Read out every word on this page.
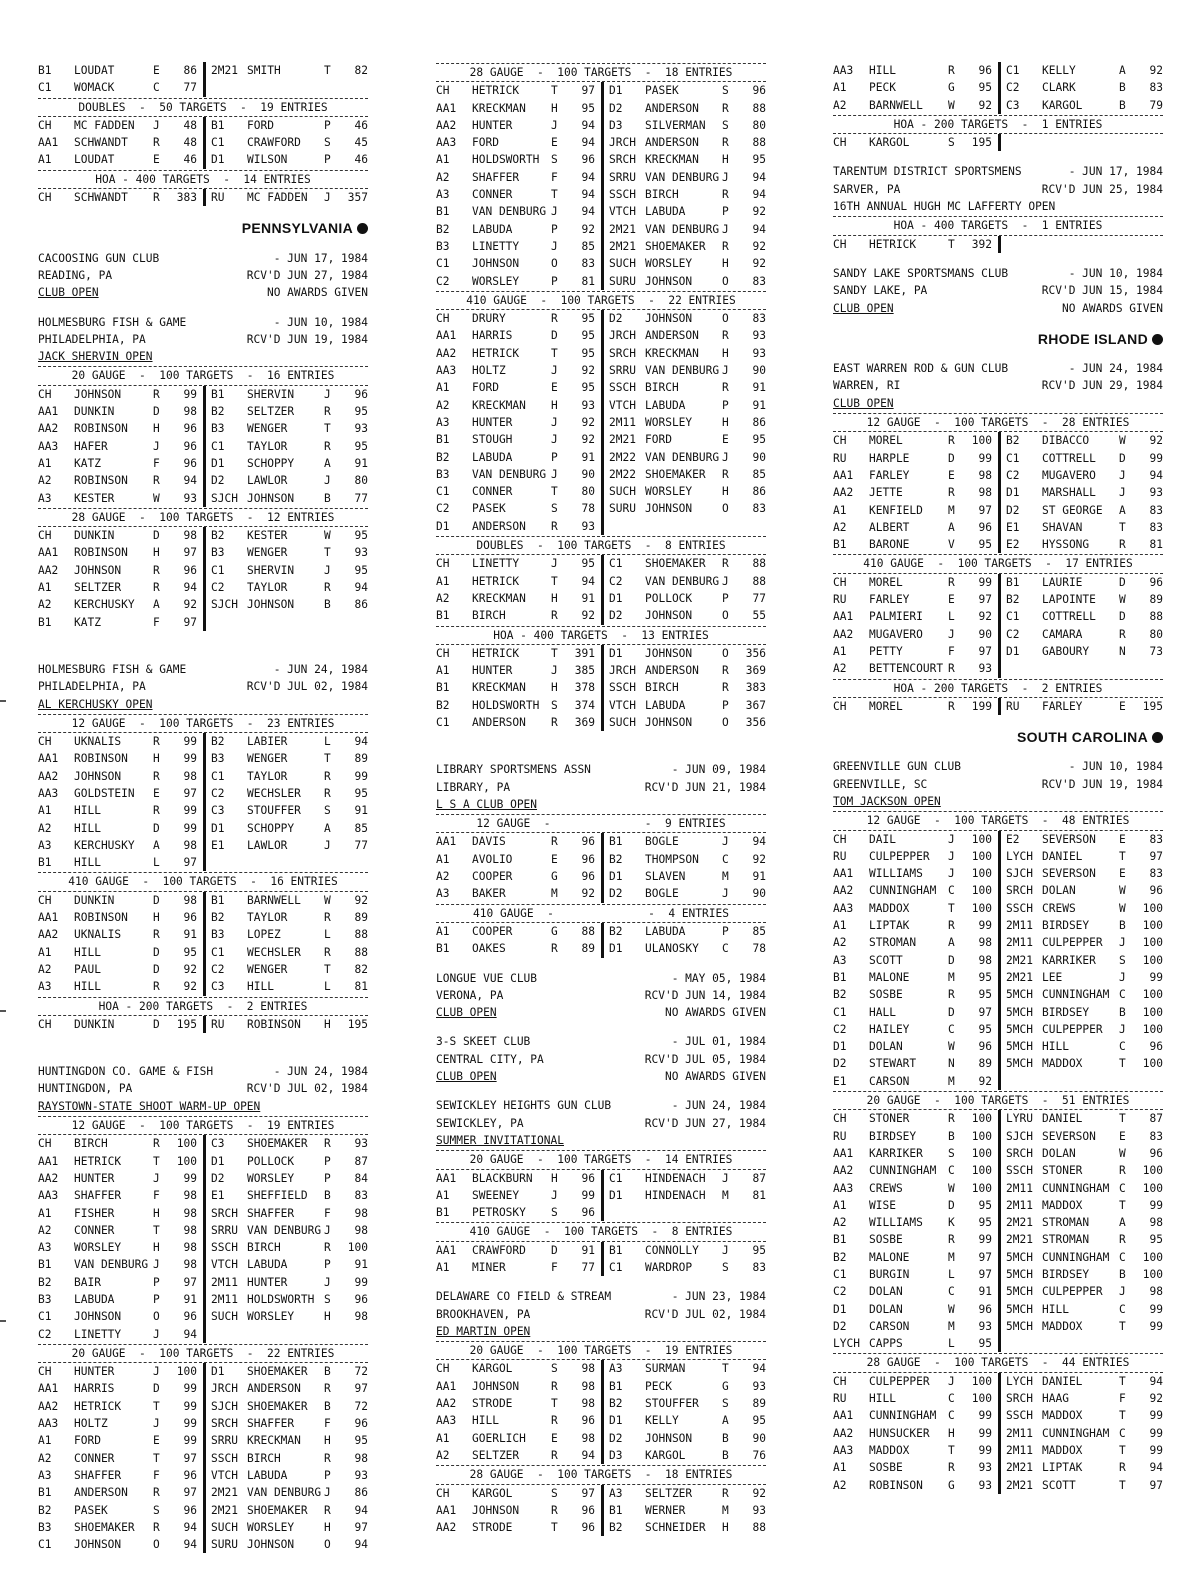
B1	LOUDAT	E	86 2M21 SMITH	T	82
C1	WOMACK	C	77
DOUBLES  -  50 TARGETS  -  19 ENTRIES
CH	MC FADDEN	J	48 B1	FORD	P	46
AA1	SCHWANDT	R	48 C1	CRAWFORD	S	45
A1	LOUDAT	E	46 D1	WILSON	P	46
HOA - 400 TARGETS  -  14 ENTRIES
CH	SCHWANDT	R	383 RU	MC FADDEN	J	357
PENNSYLVANIA
CACOOSING GUN CLUB	- JUN 17, 1984
READING, PA	RCV'D JUN 27, 1984
CLUB OPEN	NO AWARDS GIVEN
HOLMESBURG FISH & GAME	- JUN 10, 1984
PHILADELPHIA, PA	RCV'D JUN 19, 1984
JACK SHERVIN OPEN
20 GAUGE  -  100 TARGETS  -  16 ENTRIES
CH	JOHNSON	R	99 B1	SHERVIN	J	96
AA1	DUNKIN	D	98 B2	SELTZER	R	95
AA2	ROBINSON	H	96 B3	WENGER	T	93
AA3	HAFER	J	96 C1	TAYLOR	R	95
A1	KATZ	F	96 D1	SCHOPPY	A	91
A2	ROBINSON	R	94 D2	LAWLOR	J	80
A3	KESTER	W	93 SJCH JOHNSON	B	77
28 GAUGE  -  100 TARGETS  -  12 ENTRIES
CH	DUNKIN	D	98 B2	KESTER	W	95
AA1	ROBINSON	H	97 B3	WENGER	T	93
AA2	JOHNSON	R	96 C1	SHERVIN	J	95
A1	SELTZER	R	94 C2	TAYLOR	R	94
A2	KERCHUSKY	A	92 SJCH JOHNSON	B	86
B1	KATZ	F	97
HOLMESBURG FISH & GAME	- JUN 24, 1984
PHILADELPHIA, PA	RCV'D JUL 02, 1984
AL KERCHUSKY OPEN
12 GAUGE  -  100 TARGETS  -  23 ENTRIES
CH	UKNALIS	R	99 B2	LABIER	L	94
AA1	ROBINSON	H	99 B3	WENGER	T	89
AA2	JOHNSON	R	98 C1	TAYLOR	R	99
AA3	GOLDSTEIN	E	97 C2	WECHSLER	R	95
A1	HILL	R	99 C3	STOUFFER	S	91
A2	HILL	D	99 D1	SCHOPPY	A	85
A3	KERCHUSKY	A	98 E1	LAWLOR	J	77
B1	HILL	L	97
410 GAUGE  -  100 TARGETS  -  16 ENTRIES
CH	DUNKIN	D	98 B1	BARNWELL	W	92
AA1	ROBINSON	H	96 B2	TAYLOR	R	89
AA2	UKNALIS	R	91 B3	LOPEZ	L	88
A1	HILL	D	95 C1	WECHSLER	R	88
A2	PAUL	D	92 C2	WENGER	T	82
A3	HILL	R	92 C3	HILL	L	81
HOA - 200 TARGETS  -  2 ENTRIES
CH	DUNKIN	D	195 RU	ROBINSON	H	195
HUNTINGDON CO. GAME & FISH	- JUN 24, 1984
HUNTINGDON, PA	RCV'D JUL 02, 1984
RAYSTOWN-STATE SHOOT WARM-UP OPEN
12 GAUGE  -  100 TARGETS  -  19 ENTRIES
CH	BIRCH	R	100 C3	SHOEMAKER	R	93
AA1	HETRICK	T	100 D1	POLLOCK	P	87
AA2	HUNTER	J	99 D2	WORSLEY	P	84
AA3	SHAFFER	F	98 E1	SHEFFIELD	B	83
A1	FISHER	H	98 SRCH SHAFFER	F	98
A2	CONNER	T	98 SRRU VAN DENBURG J	98
A3	WORSLEY	H	98 SSCH BIRCH	R	100
B1	VAN DENBURG J	98 VTCH LABUDA	P	91
B2	BAIR	P	97 2M11 HUNTER	J	99
B3	LABUDA	P	91 2M11 HOLDSWORTH S	96
C1	JOHNSON	O	96 SUCH WORSLEY	H	98
C2	LINETTY	J	94
20 GAUGE  -  100 TARGETS  -  22 ENTRIES
CH	HUNTER	J	100 D1	SHOEMAKER	B	72
AA1	HARRIS	D	99 JRCH ANDERSON	R	97
AA2	HETRICK	T	99 SJCH SHOEMAKER	B	72
AA3	HOLTZ	J	99 SRCH SHAFFER	F	96
A1	FORD	E	99 SRRU KRECKMAN	H	95
A2	CONNER	T	97 SSCH BIRCH	R	98
A3	SHAFFER	F	96 VTCH LABUDA	P	93
B1	ANDERSON	R	97 2M21 VAN DENBURG J	86
B2	PASEK	S	96 2M21 SHOEMAKER	R	94
B3	SHOEMAKER	R	94 SUCH WORSLEY	H	97
C1	JOHNSON	O	94 SURU JOHNSON	O	94
28 GAUGE  -  100 TARGETS  -  18 ENTRIES
CH	HETRICK	T	97 D1	PASEK	S	96
AA1	KRECKMAN	H	95 D2	ANDERSON	R	88
AA2	HUNTER	J	94 D3	SILVERMAN	S	80
AA3	FORD	E	94 JRCH ANDERSON	R	88
A1	HOLDSWORTH	S	96 SRCH KRECKMAN	H	95
A2	SHAFFER	F	94 SRRU VAN DENBURG J	94
A3	CONNER	T	94 SSCH BIRCH	R	94
B1	VAN DENBURG J	94 VTCH LABUDA	P	92
B2	LABUDA	P	92 2M21 VAN DENBURG J	94
B3	LINETTY	J	85 2M21 SHOEMAKER	R	92
C1	JOHNSON	O	83 SUCH WORSLEY	H	92
C2	WORSLEY	P	81 SURU JOHNSON	O	83
410 GAUGE  -  100 TARGETS  -  22 ENTRIES
CH	DRURY	R	95 D2	JOHNSON	O	83
AA1	HARRIS	D	95 JRCH ANDERSON	R	93
AA2	HETRICK	T	95 SRCH KRECKMAN	H	93
AA3	HOLTZ	J	92 SRRU VAN DENBURG J	90
A1	FORD	E	95 SSCH BIRCH	R	91
A2	KRECKMAN	H	93 VTCH LABUDA	P	91
A3	HUNTER	J	92 2M11 WORSLEY	H	86
B1	STOUGH	J	92 2M21 FORD	E	95
B2	LABUDA	P	91 2M22 VAN DENBURG J	90
B3	VAN DENBURG J	90 2M22 SHOEMAKER	R	85
C1	CONNER	T	80 SUCH WORSLEY	H	86
C2	PASEK	S	78 SURU JOHNSON	O	83
D1	ANDERSON	R	93
DOUBLES  -  100 TARGETS  -  8 ENTRIES
CH	LINETTY	J	95 C1	SHOEMAKER	R	88
A1	HETRICK	T	94 C2	VAN DENBURG J	88
A2	KRECKMAN	H	91 D1	POLLOCK	P	77
B1	BIRCH	R	92 D2	JOHNSON	O	55
HOA - 400 TARGETS  -  13 ENTRIES
CH	HETRICK	T	391 D1	JOHNSON	O	356
A1	HUNTER	J	385 JRCH ANDERSON	R	369
B1	KRECKMAN	H	378 SSCH BIRCH	R	383
B2	HOLDSWORTH	S	374 VTCH LABUDA	P	367
C1	ANDERSON	R	369 SUCH JOHNSON	O	356
LIBRARY SPORTSMENS ASSN	- JUN 09, 1984
LIBRARY, PA	RCV'D JUN 21, 1984
L S A CLUB OPEN
12 GAUGE  -              -  9 ENTRIES
AA1	DAVIS	R	96 B1	BOGLE	J	94
A1	AVOLIO	E	96 B2	THOMPSON	C	92
A2	COOPER	G	96 D1	SLAVEN	M	91
A3	BAKER	M	92 D2	BOGLE	J	90
410 GAUGE  -              -  4 ENTRIES
A1	COOPER	G	88 B2	LABUDA	P	85
B1	OAKES	R	89 D1	ULANOSKY	C	78
LONGUE VUE CLUB	- MAY 05, 1984
VERONA, PA	RCV'D JUN 14, 1984
CLUB OPEN	NO AWARDS GIVEN
3-S SKEET CLUB	- JUL 01, 1984
CENTRAL CITY, PA	RCV'D JUL 05, 1984
CLUB OPEN	NO AWARDS GIVEN
SEWICKLEY HEIGHTS GUN CLUB	- JUN 24, 1984
SEWICKLEY, PA	RCV'D JUN 27, 1984
SUMMER INVITATIONAL
20 GAUGE  -  100 TARGETS  -  14 ENTRIES
AA1	BLACKBURN	H	96 C1	HINDENACH	J	87
A1	SWEENEY	J	99 D1	HINDENACH	M	81
B1	PETROSKY	S	96
410 GAUGE  -  100 TARGETS  -  8 ENTRIES
AA1	CRAWFORD	D	91 B1	CONNOLLY	J	95
A1	MINER	F	77 C1	WARDROP	S	83
DELAWARE CO FIELD & STREAM	- JUN 23, 1984
BROOKHAVEN, PA	RCV'D JUL 02, 1984
ED MARTIN OPEN
20 GAUGE  -  100 TARGETS  -  19 ENTRIES
CH	KARGOL	S	98 A3	SURMAN	T	94
AA1	JOHNSON	R	98 B1	PECK	G	93
AA2	STRODE	T	98 B2	STOUFFER	S	89
AA3	HILL	R	96 D1	KELLY	A	95
A1	GOERLICH	E	98 D2	JOHNSON	B	90
A2	SELTZER	R	94 D3	KARGOL	B	76
28 GAUGE  -  100 TARGETS  -  18 ENTRIES
CH	KARGOL	S	97 A3	SELTZER	R	92
AA1	JOHNSON	R	96 B1	WERNER	M	93
AA2	STRODE	T	96 B2	SCHNEIDER	H	88
AA3	HILL	R	96 C1	KELLY	A	92
A1	PECK	G	95 C2	CLARK	B	83
A2	BARNWELL	W	92 C3	KARGOL	B	79
HOA - 200 TARGETS  -  1 ENTRIES
CH	KARGOL	S	195
TARENTUM DISTRICT SPORTSMENS	- JUN 17, 1984
SARVER, PA	RCV'D JUN 25, 1984
16TH ANNUAL HUGH MC LAFFERTY OPEN
HOA - 400 TARGETS  -  1 ENTRIES
CH	HETRICK	T	392
SANDY LAKE SPORTSMANS CLUB	- JUN 10, 1984
SANDY LAKE, PA	RCV'D JUN 15, 1984
CLUB OPEN	NO AWARDS GIVEN
RHODE ISLAND
EAST WARREN ROD & GUN CLUB	- JUN 24, 1984
WARREN, RI	RCV'D JUN 29, 1984
CLUB OPEN
12 GAUGE  -  100 TARGETS  -  28 ENTRIES
CH	MOREL	R	100 B2	DIBACCO	W	92
RU	HARPLE	D	99 C1	COTTRELL	D	99
AA1	FARLEY	E	98 C2	MUGAVERO	J	94
AA2	JETTE	R	98 D1	MARSHALL	J	93
A1	KENFIELD	M	97 D2	ST GEORGE	A	83
A2	ALBERT	A	96 E1	SHAVAN	T	83
B1	BARONE	V	95 E2	HYSSONG	R	81
410 GAUGE  -  100 TARGETS  -  17 ENTRIES
CH	MOREL	R	99 B1	LAURIE	D	96
RU	FARLEY	E	97 B2	LAPOINTE	W	89
AA1	PALMIERI	L	92 C1	COTTRELL	D	88
AA2	MUGAVERO	J	90 C2	CAMARA	R	80
A1	PETTY	F	97 D1	GABOURY	N	73
A2	BETTENCOURT R	93
HOA - 200 TARGETS  -  2 ENTRIES
CH	MOREL	R	199 RU	FARLEY	E	195
SOUTH CAROLINA
GREENVILLE GUN CLUB	- JUN 10, 1984
GREENVILLE, SC	RCV'D JUN 19, 1984
TOM JACKSON OPEN
12 GAUGE  -  100 TARGETS  -  48 ENTRIES
CH	DAIL	J	100 E2	SEVERSON	E	83
RU	CULPEPPER	J	100 LYCH DANIEL	T	97
AA1	WILLIAMS	J	100 SJCH SEVERSON	E	83
AA2	CUNNINGHAM	C	100 SRCH DOLAN	W	96
AA3	MADDOX	T	100 SSCH CREWS	W	100
A1	LIPTAK	R	99 2M11 BIRDSEY	B	100
A2	STROMAN	A	98 2M11 CULPEPPER	J	100
A3	SCOTT	D	98 2M21 KARRIKER	S	100
B1	MALONE	M	95 2M21 LEE	J	99
B2	SOSBE	R	95 5MCH CUNNINGHAM C	100
C1	HALL	D	97 5MCH BIRDSEY	B	100
C2	HAILEY	C	95 5MCH CULPEPPER	J	100
D1	DOLAN	W	96 5MCH HILL	C	96
D2	STEWART	N	89 5MCH MADDOX	T	100
E1	CARSON	M	92
20 GAUGE  -  100 TARGETS  -  51 ENTRIES
CH	STONER	R	100 LYRU DANIEL	T	87
RU	BIRDSEY	B	100 SJCH SEVERSON	E	83
AA1	KARRIKER	S	100 SRCH DOLAN	W	96
AA2	CUNNINGHAM	C	100 SSCH STONER	R	100
AA3	CREWS	W	100 2M11 CUNNINGHAM C	100
A1	WISE	D	95 2M11 MADDOX	T	99
A2	WILLIAMS	K	95 2M21 STROMAN	A	98
B1	SOSBE	R	99 2M21 STROMAN	R	95
B2	MALONE	M	97 5MCH CUNNINGHAM C	100
C1	BURGIN	L	97 5MCH BIRDSEY	B	100
C2	DOLAN	C	91 5MCH CULPEPPER	J	98
D1	DOLAN	W	96 5MCH HILL	C	99
D2	CARSON	M	93 5MCH MADDOX	T	99
LYCH CAPPS	L	95
28 GAUGE  -  100 TARGETS  -  44 ENTRIES
CH	CULPEPPER	J	100 LYCH DANIEL	T	94
RU	HILL	C	100 SRCH HAAG	F	92
AA1	CUNNINGHAM	C	99 SSCH MADDOX	T	99
AA2	HUNSUCKER	H	99 2M11 CUNNINGHAM C	99
AA3	MADDOX	T	99 2M11 MADDOX	T	99
A1	SOSBE	R	93 2M21 LIPTAK	R	94
A2	ROBINSON	G	93 2M21 SCOTT	T	97
